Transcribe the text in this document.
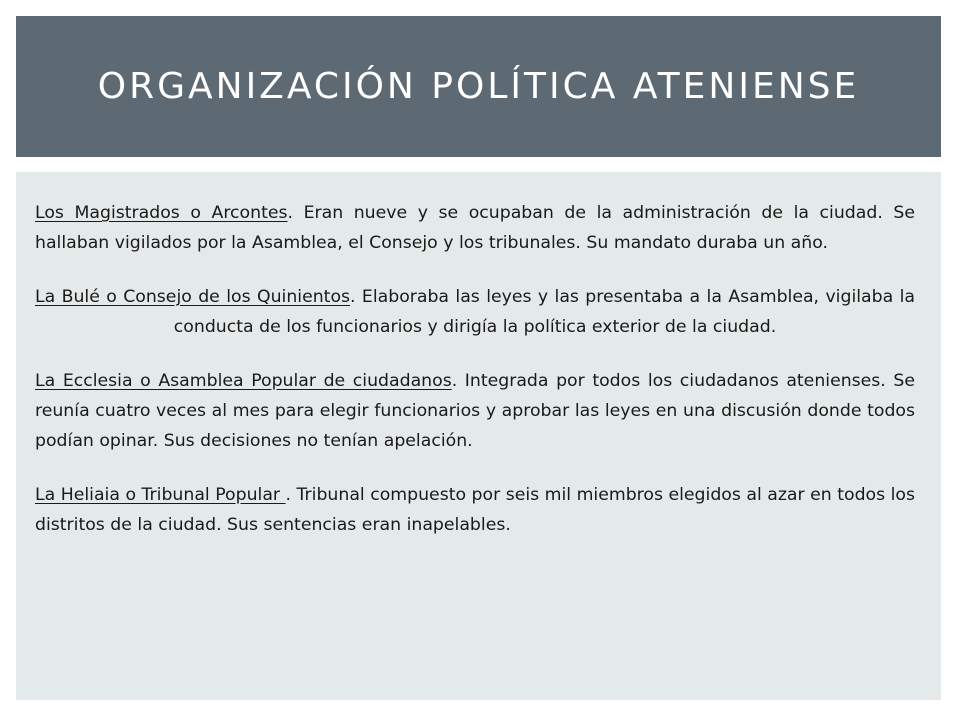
ORGANIZACIÓN POLÍTICA ATENIENSE

Los Magistrados o Arcontes. Eran nueve y se ocupaban de la administración de la ciudad. Se hallaban vigilados por la Asamblea, el Consejo y los tribunales. Su mandato duraba un año.

La Bulé o Consejo de los Quinientos. Elaboraba las leyes y las presentaba a la Asamblea, vigilaba la conducta de los funcionarios y dirigía la política exterior de la ciudad.

La Ecclesia o Asamblea Popular de ciudadanos. Integrada por todos los ciudadanos atenienses. Se reunía cuatro veces al mes para elegir funcionarios y aprobar las leyes en una discusión donde todos podían opinar. Sus decisiones no tenían apelación.

La Heliaia o Tribunal Popular . Tribunal compuesto por seis mil miembros elegidos al azar en todos los distritos de la ciudad. Sus sentencias eran inapelables.
